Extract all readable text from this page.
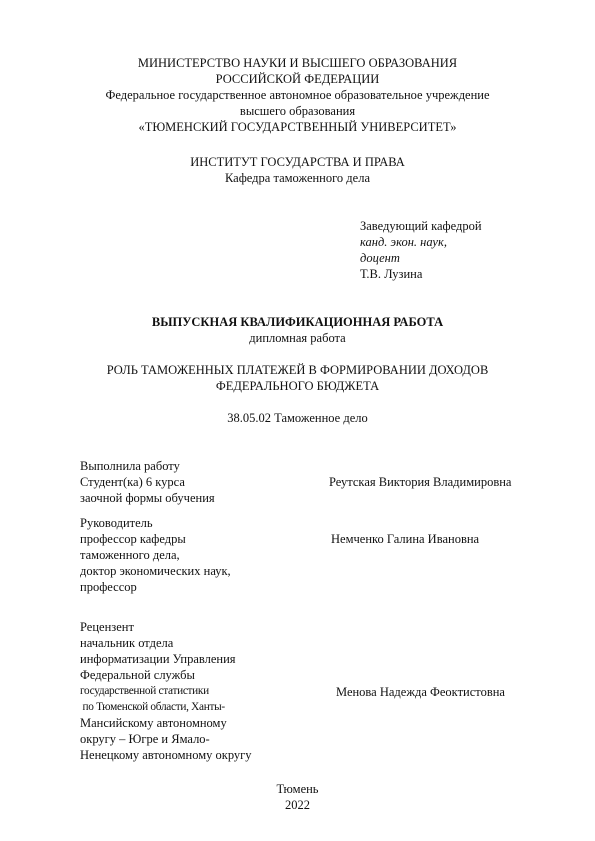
МИНИСТЕРСТВО НАУКИ И ВЫСШЕГО ОБРАЗОВАНИЯ
РОССИЙСКОЙ ФЕДЕРАЦИИ
Федеральное государственное автономное образовательное учреждение
высшего образования
«ТЮМЕНСКИЙ ГОСУДАРСТВЕННЫЙ УНИВЕРСИТЕТ»
ИНСТИТУТ ГОСУДАРСТВА И ПРАВА
Кафедра таможенного дела
Заведующий кафедрой
канд. экон. наук,
доцент
Т.В. Лузина
ВЫПУСКНАЯ КВАЛИФИКАЦИОННАЯ РАБОТА
дипломная работа
РОЛЬ ТАМОЖЕННЫХ ПЛАТЕЖЕЙ В ФОРМИРОВАНИИ ДОХОДОВ
ФЕДЕРАЛЬНОГО БЮДЖЕТА
38.05.02 Таможенное дело
Выполнила работу
Студент(ка) 6 курса
заочной формы обучения
Реутская Виктория Владимировна
Руководитель
профессор кафедры
таможенного дела,
доктор экономических наук,
профессор
Немченко Галина Ивановна
Рецензент
начальник отдела
информатизации Управления
Федеральной службы
государственной статистики
по Тюменской области, Ханты-
Мансийскому автономному
округу – Югре и Ямало-
Ненецкому автономному округу
Менова Надежда Феоктистовна
Тюмень
2022
